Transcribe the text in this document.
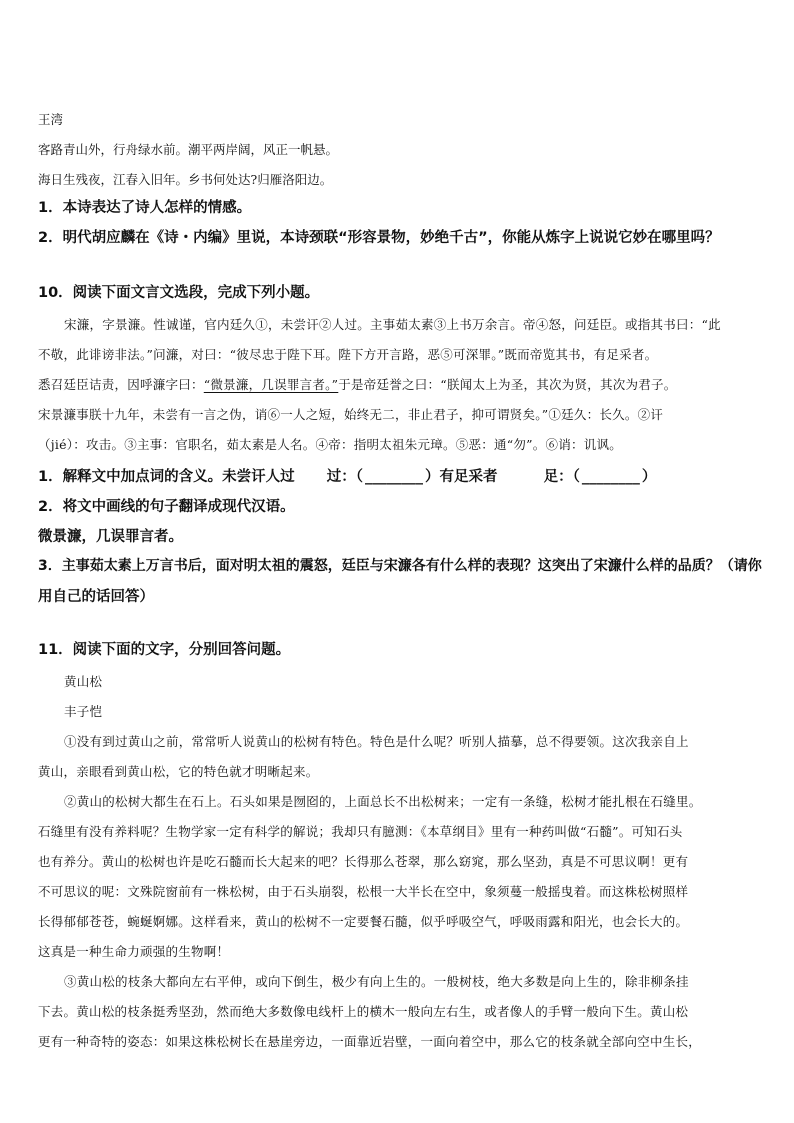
王湾
客路青山外，行舟绿水前。潮平两岸阔，风正一帆悬。
海日生残夜，江春入旧年。乡书何处达?归雁洛阳边。
1．本诗表达了诗人怎样的情感。
2．明代胡应麟在《诗・内编》里说，本诗颈联“形容景物，妙绝千古”，你能从炼字上说说它妙在哪里吗？
10．阅读下面文言文选段，完成下列小题。
宋濂，字景濂。性诚谨，官内廷久①，未尝讦②人过。主事茹太素③上书万余言。帝④怒，问廷臣。或指其书曰：“此
不敬，此诽谤非法。”问濂，对曰：“彼尽忠于陛下耳。陛下方开言路，恶⑤可深罪。”既而帝览其书，有足采者。
悉召廷臣诘责，因呼濂字曰：“微景濂，几误罪言者。”于是帝廷誉之曰：“朕闻太上为圣，其次为贤，其次为君子。
宋景濂事朕十九年，未尝有一言之伪，诮⑥一人之短，始终无二，非止君子，抑可谓贤矣。”①廷久：长久。②讦
（jié）：攻击。③主事：官职名，茹太素是人名。④帝：指明太祖朱元璋。⑤恶：通“勿”。⑥诮：讥讽。
1．解释文中加点词的含义。未尝讦人过 过：（ ________ ）有足采者	足：（ ________ ）
2．将文中画线的句子翻译成现代汉语。
微景濂，几误罪言者。
3．主事茹太素上万言书后，面对明太祖的震怒，廷臣与宋濂各有什么样的表现？这突出了宋濂什么样的品质？（请你
用自己的话回答）
11．阅读下面的文字，分别回答问题。
黄山松
丰子恺
①没有到过黄山之前，常常听人说黄山的松树有特色。特色是什么呢？听别人描摹，总不得要领。这次我亲自上
黄山，亲眼看到黄山松，它的特色就才明晰起来。
②黄山的松树大都生在石上。石头如果是囫囵的，上面总长不出松树来；一定有一条缝，松树才能扎根在石缝里。
石缝里有没有养料呢？生物学家一定有科学的解说；我却只有臆测：《本草纲目》里有一种药叫做“石髓”。可知石头
也有养分。黄山的松树也许是吃石髓而长大起来的吧？长得那么苍翠，那么窈窕，那么坚劲，真是不可思议啊！更有
不可思议的呢：文殊院窗前有一株松树，由于石头崩裂，松根一大半长在空中，象须蔓一般摇曳着。而这株松树照样
长得郁郁苍苍，蜿蜒婀娜。这样看来，黄山的松树不一定要餐石髓，似乎呼吸空气，呼吸雨露和阳光，也会长大的。
这真是一种生命力顽强的生物啊！
③黄山松的枝条大都向左右平伸，或向下倒生，极少有向上生的。一般树枝，绝大多数是向上生的，除非柳条挂
下去。黄山松的枝条挺秀坚劲，然而绝大多数像电线杆上的横木一般向左右生，或者像人的手臂一般向下生。黄山松
更有一种奇特的姿态：如果这株松树长在悬崖旁边，一面靠近岩壁，一面向着空中，那么它的枝条就全部向空中生长，
